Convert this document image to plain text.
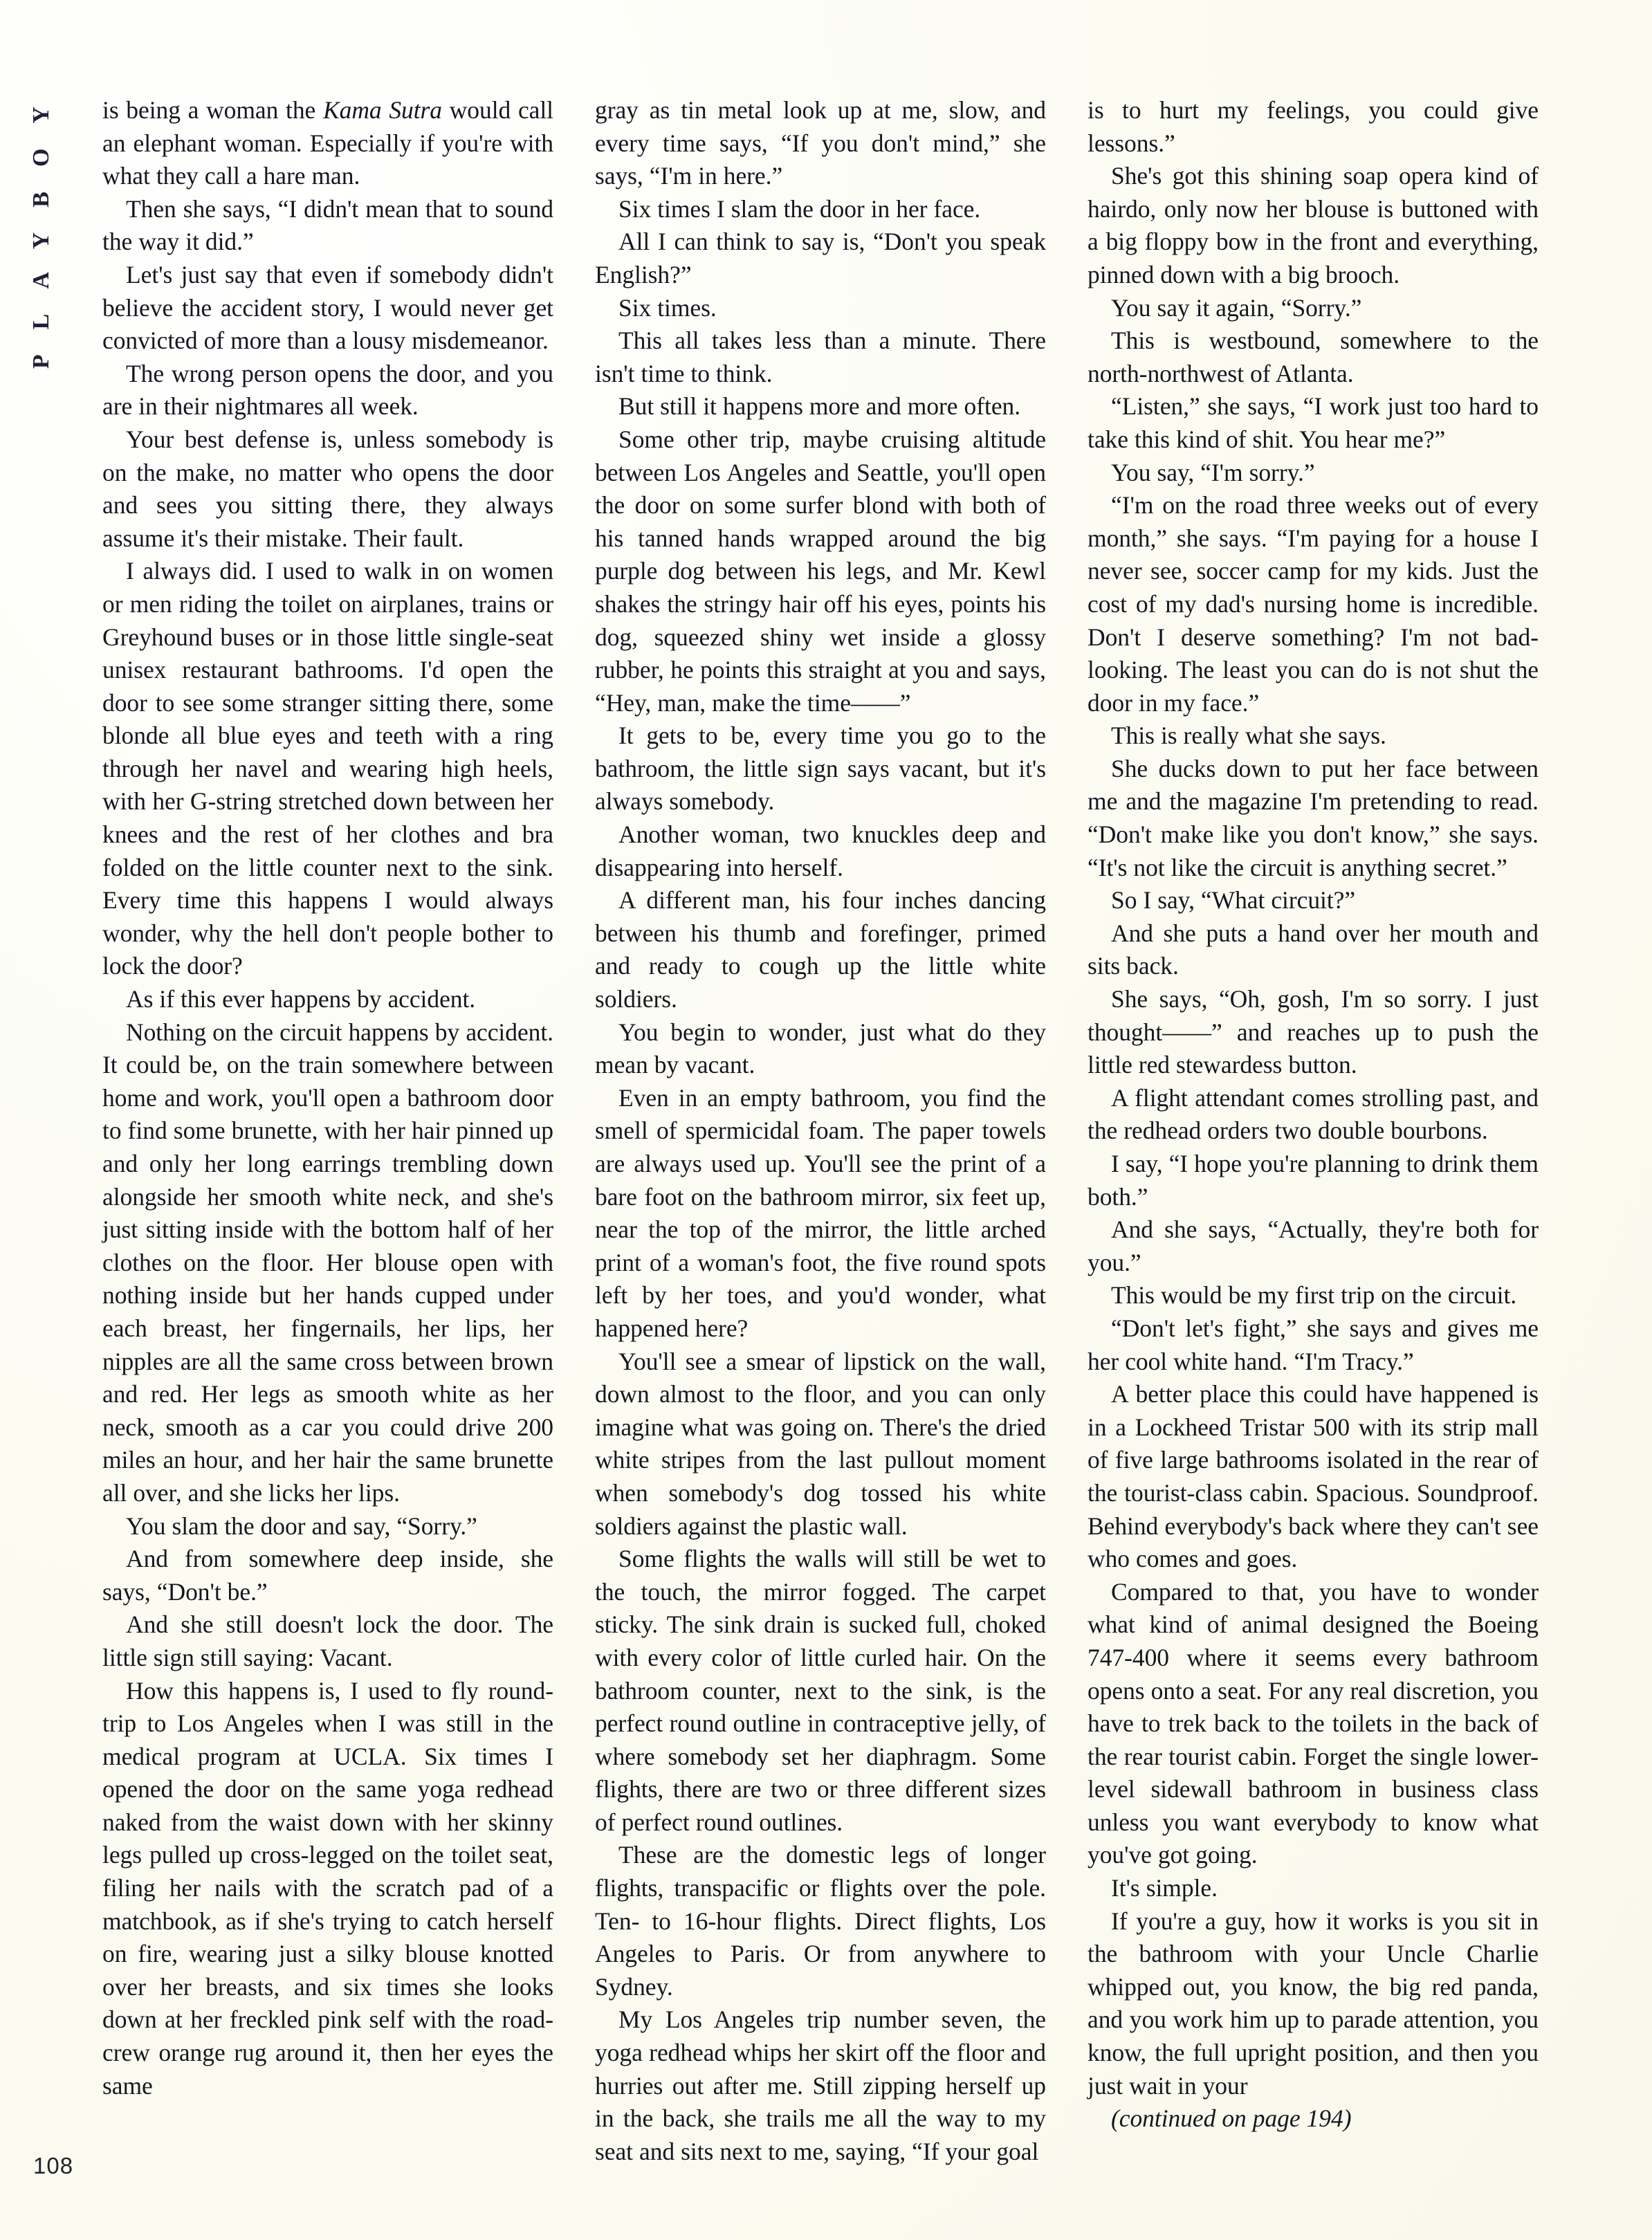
PLAYBOY
108

is being a woman the Kama Sutra would call an elephant woman. Especially if you're with what they call a hare man.

Then she says, “I didn't mean that to sound the way it did.”

Let's just say that even if somebody didn't believe the accident story, I would never get convicted of more than a lousy misdemeanor.

The wrong person opens the door, and you are in their nightmares all week.

Your best defense is, unless somebody is on the make, no matter who opens the door and sees you sitting there, they always assume it's their mistake. Their fault.

I always did. I used to walk in on women or men riding the toilet on airplanes, trains or Greyhound buses or in those little single-seat unisex restaurant bathrooms. I'd open the door to see some stranger sitting there, some blonde all blue eyes and teeth with a ring through her navel and wearing high heels, with her G-string stretched down between her knees and the rest of her clothes and bra folded on the little counter next to the sink. Every time this happens I would always wonder, why the hell don't people bother to lock the door?

As if this ever happens by accident.

Nothing on the circuit happens by accident. It could be, on the train somewhere between home and work, you'll open a bathroom door to find some brunette, with her hair pinned up and only her long earrings trembling down alongside her smooth white neck, and she's just sitting inside with the bottom half of her clothes on the floor. Her blouse open with nothing inside but her hands cupped under each breast, her fingernails, her lips, her nipples are all the same cross between brown and red. Her legs as smooth white as her neck, smooth as a car you could drive 200 miles an hour, and her hair the same brunette all over, and she licks her lips.

You slam the door and say, “Sorry.”

And from somewhere deep inside, she says, “Don't be.”

And she still doesn't lock the door. The little sign still saying: Vacant.

How this happens is, I used to fly round-trip to Los Angeles when I was still in the medical program at UCLA. Six times I opened the door on the same yoga redhead naked from the waist down with her skinny legs pulled up cross-legged on the toilet seat, filing her nails with the scratch pad of a matchbook, as if she's trying to catch herself on fire, wearing just a silky blouse knotted over her breasts, and six times she looks down at her freckled pink self with the road-crew orange rug around it, then her eyes the same

gray as tin metal look up at me, slow, and every time says, “If you don't mind,” she says, “I'm in here.”

Six times I slam the door in her face.

All I can think to say is, “Don't you speak English?”

Six times.

This all takes less than a minute. There isn't time to think.

But still it happens more and more often.

Some other trip, maybe cruising altitude between Los Angeles and Seattle, you'll open the door on some surfer blond with both of his tanned hands wrapped around the big purple dog between his legs, and Mr. Kewl shakes the stringy hair off his eyes, points his dog, squeezed shiny wet inside a glossy rubber, he points this straight at you and says, “Hey, man, make the time——”

It gets to be, every time you go to the bathroom, the little sign says vacant, but it's always somebody.

Another woman, two knuckles deep and disappearing into herself.

A different man, his four inches dancing between his thumb and forefinger, primed and ready to cough up the little white soldiers.

You begin to wonder, just what do they mean by vacant.

Even in an empty bathroom, you find the smell of spermicidal foam. The paper towels are always used up. You'll see the print of a bare foot on the bathroom mirror, six feet up, near the top of the mirror, the little arched print of a woman's foot, the five round spots left by her toes, and you'd wonder, what happened here?

You'll see a smear of lipstick on the wall, down almost to the floor, and you can only imagine what was going on. There's the dried white stripes from the last pullout moment when somebody's dog tossed his white soldiers against the plastic wall.

Some flights the walls will still be wet to the touch, the mirror fogged. The carpet sticky. The sink drain is sucked full, choked with every color of little curled hair. On the bathroom counter, next to the sink, is the perfect round outline in contraceptive jelly, of where somebody set her diaphragm. Some flights, there are two or three different sizes of perfect round outlines.

These are the domestic legs of longer flights, transpacific or flights over the pole. Ten- to 16-hour flights. Direct flights, Los Angeles to Paris. Or from anywhere to Sydney.

My Los Angeles trip number seven, the yoga redhead whips her skirt off the floor and hurries out after me. Still zipping herself up in the back, she trails me all the way to my seat and sits next to me, saying, “If your goal

is to hurt my feelings, you could give lessons.”

She's got this shining soap opera kind of hairdo, only now her blouse is buttoned with a big floppy bow in the front and everything, pinned down with a big brooch.

You say it again, “Sorry.”

This is westbound, somewhere to the north-northwest of Atlanta.

“Listen,” she says, “I work just too hard to take this kind of shit. You hear me?”

You say, “I'm sorry.”

“I'm on the road three weeks out of every month,” she says. “I'm paying for a house I never see, soccer camp for my kids. Just the cost of my dad's nursing home is incredible. Don't I deserve something? I'm not bad-looking. The least you can do is not shut the door in my face.”

This is really what she says.

She ducks down to put her face between me and the magazine I'm pretending to read. “Don't make like you don't know,” she says. “It's not like the circuit is anything secret.”

So I say, “What circuit?”

And she puts a hand over her mouth and sits back.

She says, “Oh, gosh, I'm so sorry. I just thought——” and reaches up to push the little red stewardess button.

A flight attendant comes strolling past, and the redhead orders two double bourbons.

I say, “I hope you're planning to drink them both.”

And she says, “Actually, they're both for you.”

This would be my first trip on the circuit.

“Don't let's fight,” she says and gives me her cool white hand. “I'm Tracy.”

A better place this could have happened is in a Lockheed Tristar 500 with its strip mall of five large bathrooms isolated in the rear of the tourist-class cabin. Spacious. Soundproof. Behind everybody's back where they can't see who comes and goes.

Compared to that, you have to wonder what kind of animal designed the Boeing 747-400 where it seems every bathroom opens onto a seat. For any real discretion, you have to trek back to the toilets in the back of the rear tourist cabin. Forget the single lower-level sidewall bathroom in business class unless you want everybody to know what you've got going.

It's simple.

If you're a guy, how it works is you sit in the bathroom with your Uncle Charlie whipped out, you know, the big red panda, and you work him up to parade attention, you know, the full upright position, and then you just wait in your

(continued on page 194)
